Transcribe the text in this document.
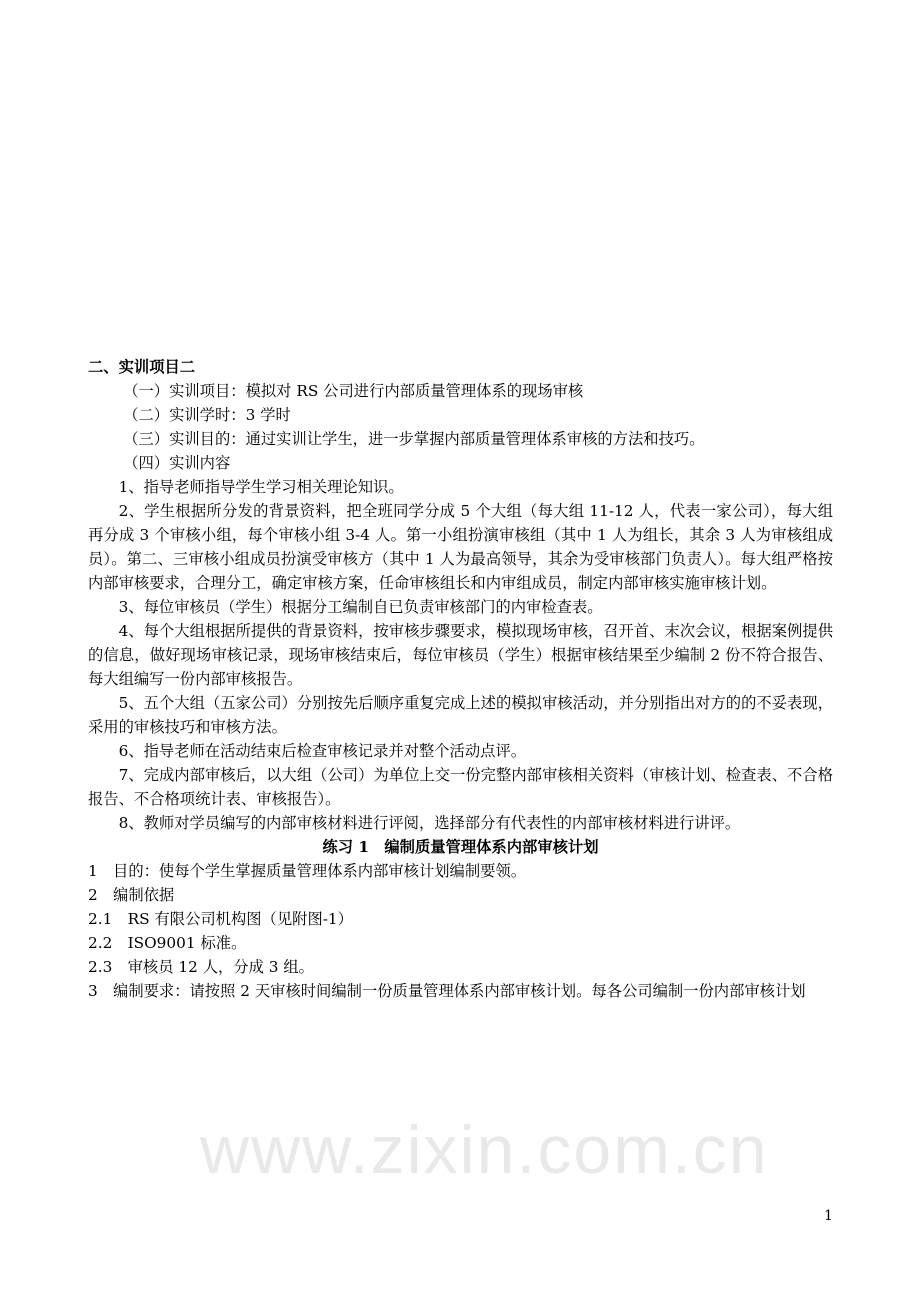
www.zixin.com.cn

二、实训项目二

（一）实训项目：模拟对 RS 公司进行内部质量管理体系的现场审核

（二）实训学时：3 学时

（三）实训目的：通过实训让学生，进一步掌握内部质量管理体系审核的方法和技巧。

（四）实训内容

1、指导老师指导学生学习相关理论知识。

2、学生根据所分发的背景资料，把全班同学分成 5 个大组（每大组 11-12 人，代表一家公司），每大组再分成 3 个审核小组，每个审核小组 3-4 人。第一小组扮演审核组（其中 1 人为组长，其余 3 人为审核组成员）。第二、三审核小组成员扮演受审核方（其中 1 人为最高领导，其余为受审核部门负责人）。每大组严格按内部审核要求，合理分工，确定审核方案，任命审核组长和内审组成员，制定内部审核实施审核计划。

3、每位审核员（学生）根据分工编制自已负责审核部门的内审检查表。

4、每个大组根据所提供的背景资料，按审核步骤要求，模拟现场审核，召开首、末次会议，根据案例提供的信息，做好现场审核记录，现场审核结束后，每位审核员（学生）根据审核结果至少编制 2 份不符合报告、每大组编写一份内部审核报告。

5、五个大组（五家公司）分别按先后顺序重复完成上述的模拟审核活动，并分别指出对方的的不妥表现，采用的审核技巧和审核方法。

6、指导老师在活动结束后检查审核记录并对整个活动点评。

7、完成内部审核后，以大组（公司）为单位上交一份完整内部审核相关资料（审核计划、检查表、不合格报告、不合格项统计表、审核报告）。

8、教师对学员编写的内部审核材料进行评阅，选择部分有代表性的内部审核材料进行讲评。

练习 1　编制质量管理体系内部审核计划

1　目的：使每个学生掌握质量管理体系内部审核计划编制要领。

2　编制依据

2.1　RS 有限公司机构图（见附图-1）

2.2　ISO9001 标准。

2.3　审核员 12 人，分成 3 组。

3　编制要求：请按照 2 天审核时间编制一份质量管理体系内部审核计划。每各公司编制一份内部审核计划

1
